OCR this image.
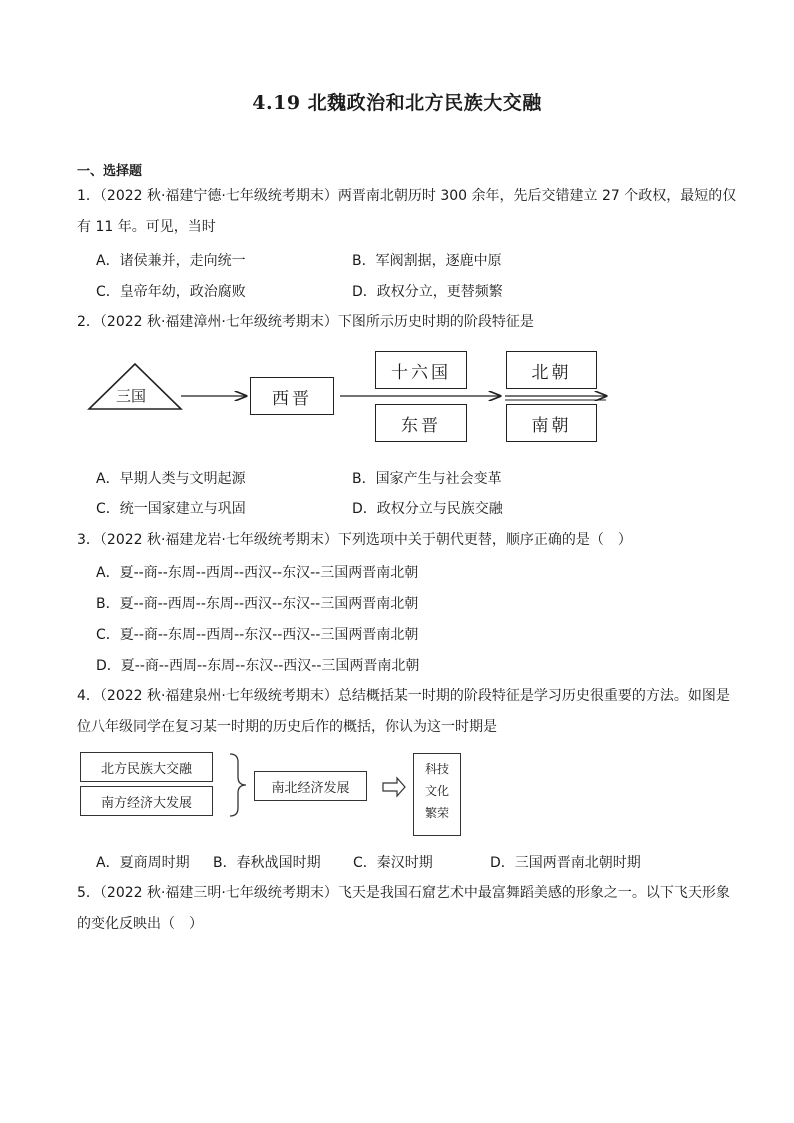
4.19 北魏政治和北方民族大交融
一、选择题
1．（2022 秋·福建宁德·七年级统考期末）两晋南北朝历时 300 余年，先后交错建立 27 个政权，最短的仅
有 11 年。可见，当时
A．诸侯兼并，走向统一	B．军阀割据，逐鹿中原
C．皇帝年幼，政治腐败	D．政权分立，更替频繁
2．（2022 秋·福建漳州·七年级统考期末）下图所示历史时期的阶段特征是
三国	西晋
十六国
东晋
北朝
南朝
A．早期人类与文明起源	B．国家产生与社会变革
C．统一国家建立与巩固	D．政权分立与民族交融
3．（2022 秋·福建龙岩·七年级统考期末）下列选项中关于朝代更替，顺序正确的是（　）
A．夏--商--东周--西周--西汉--东汉--三国两晋南北朝
B．夏--商--西周--东周--西汉--东汉--三国两晋南北朝
C．夏--商--东周--西周--东汉--西汉--三国两晋南北朝
D．夏--商--西周--东周--东汉--西汉--三国两晋南北朝
4．（2022 秋·福建泉州·七年级统考期末）总结概括某一时期的阶段特征是学习历史很重要的方法。如图是
位八年级同学在复习某一时期的历史后作的概括，你认为这一时期是
北方民族大交融
南方经济大发展
南北经济发展
科技
文化
繁荣
A．夏商周时期 B．春秋战国时期 C．秦汉时期	D．三国两晋南北朝时期
5．（2022 秋·福建三明·七年级统考期末）飞天是我国石窟艺术中最富舞蹈美感的形象之一。以下飞天形象
的变化反映出（　）
